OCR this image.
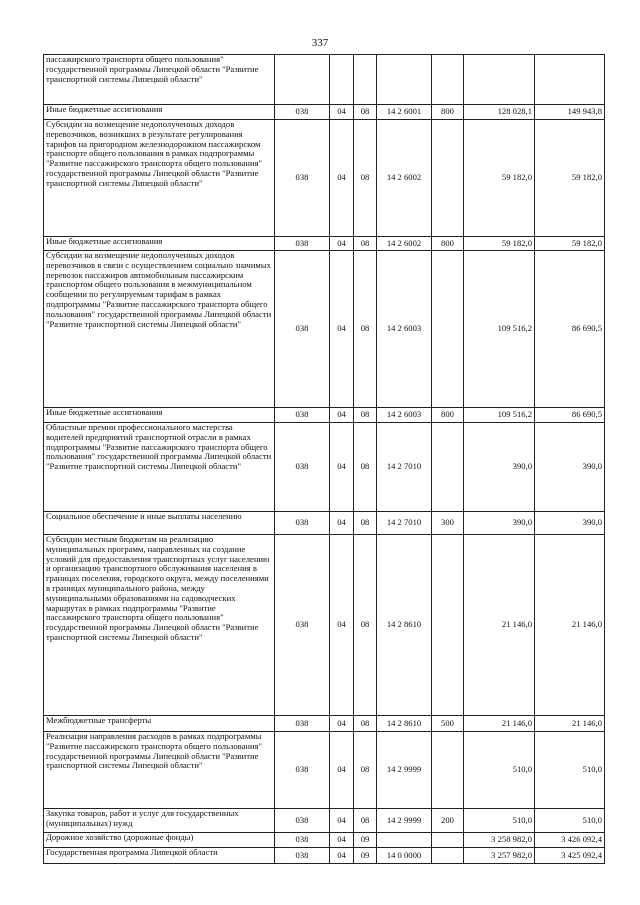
337
пассажирского транспорта общего пользования" государственной программы Липецкой области "Развитие транспортной системы Липецкой области"							
Иные бюджетные ассигнования	038	04	08	14 2 6001	800	128 028,1	149 943,8
Субсидии на возмещение недополученных доходов перевозчиков, возникших в результате регулирования тарифов на пригородном железнодорожном пассажирском транспорте общего пользования в рамках подпрограммы "Развитие пассажирского транспорта общего пользования" государственной программы Липецкой области "Развитие транспортной системы Липецкой области"	038	04	08	14 2 6002		59 182,0	59 182,0
Иные бюджетные ассигнования	038	04	08	14 2 6002	800	59 182,0	59 182,0
Субсидии на возмещение недополученных доходов перевозчиков в связи с осуществлением социально значимых перевозок пассажиров автомобильным пассажирским транспортом общего пользования в межмуниципальном сообщении по регулируемым тарифам в рамках подпрограммы "Развитие пассажирского транспорта общего пользования" государственной программы Липецкой области "Развитие транспортной системы Липецкой области"	038	04	08	14 2 6003		109 516,2	86 690,5
Иные бюджетные ассигнования	038	04	08	14 2 6003	800	109 516,2	86 690,5
Областные премии профессионального мастерства водителей предприятий транспортной отрасли в рамках подпрограммы "Развитие пассажирского транспорта общего пользования" государственной программы Липецкой области "Развитие транспортной системы Липецкой области"	038	04	08	14 2 7010		390,0	390,0
Социальное обеспечение и иные выплаты населению	038	04	08	14 2 7010	300	390,0	390,0
Субсидии местным бюджетам на реализацию муниципальных программ, направленных на создание условий для предоставления транспортных услуг населению и организацию транспортного обслуживания населения в границах поселения, городского округа, между поселениями в границах муниципального района, между муниципальными образованиями на садоводческих маршрутах в рамках подпрограммы "Развитие пассажирского транспорта общего пользования" государственной программы Липецкой области "Развитие транспортной системы Липецкой области"	038	04	08	14 2 8610		21 146,0	21 146,0
Межбюджетные трансферты	038	04	08	14 2 8610	500	21 146,0	21 146,0
Реализация направления расходов в рамках подпрограммы "Развитие пассажирского транспорта общего пользования" государственной программы Липецкой области "Развитие транспортной системы Липецкой области"	038	04	08	14 2 9999		510,0	510,0
Закупка товаров, работ и услуг для государственных (муниципальных) нужд	038	04	08	14 2 9999	200	510,0	510,0
Дорожное хозяйство (дорожные фонды)	038	04	09			3 258 982,0	3 426 092,4
Государственная программа Липецкой области	038	04	09	14 0 0000		3 257 982,0	3 425 092,4
